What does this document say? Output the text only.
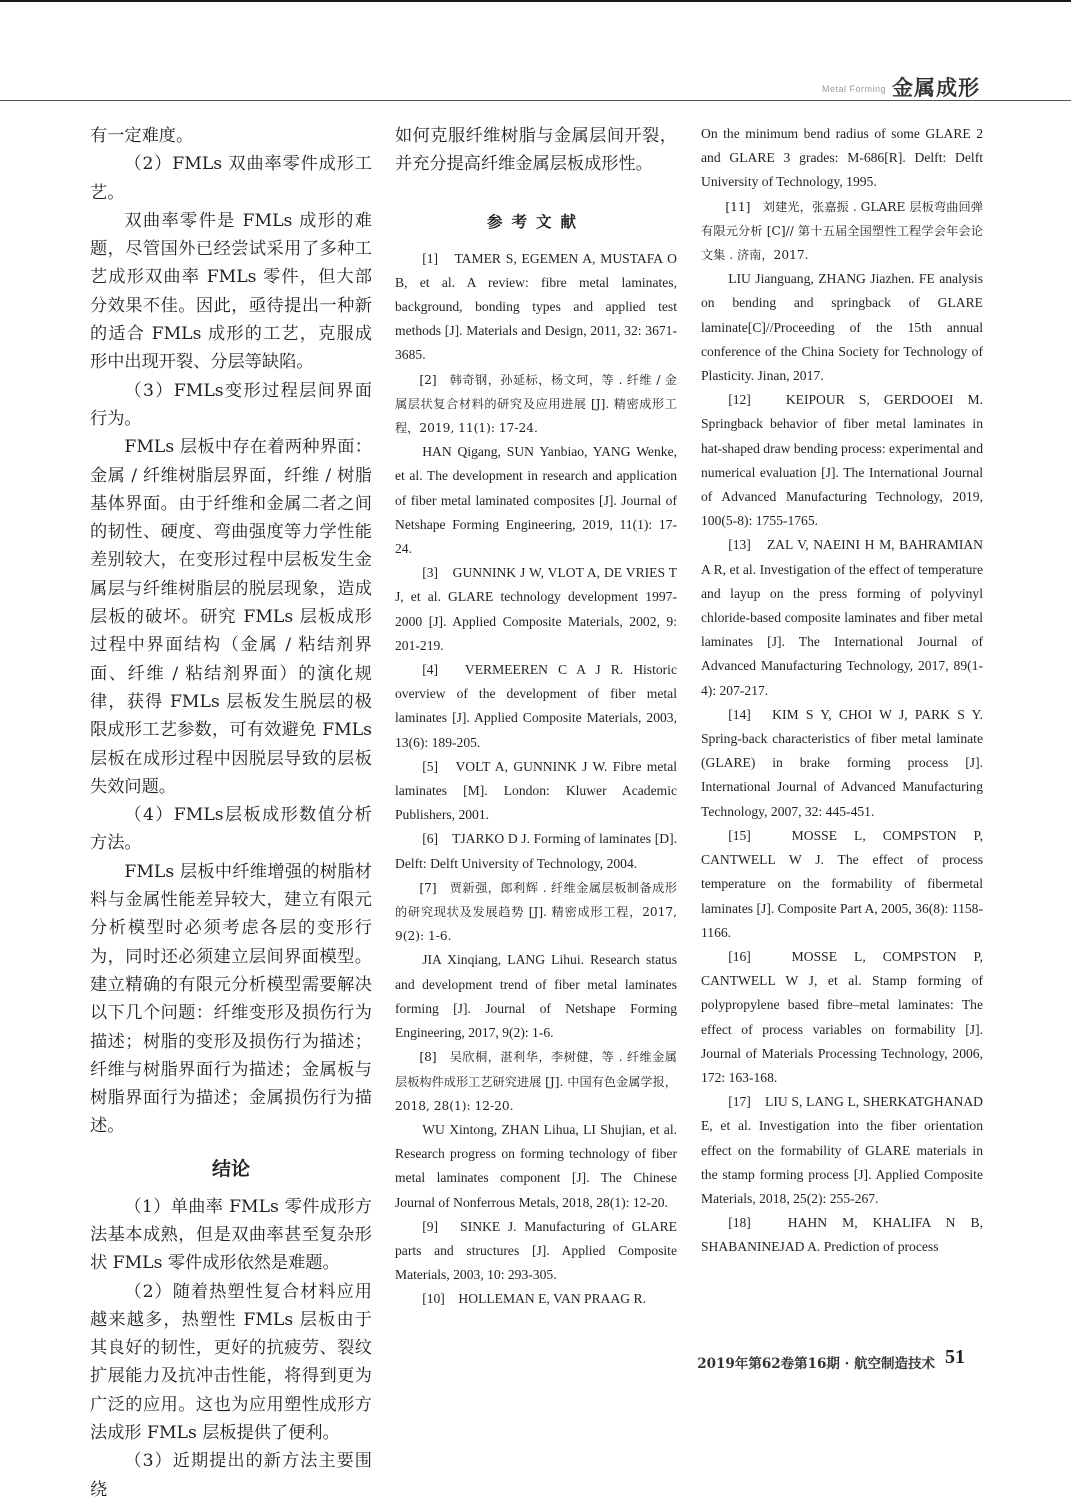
Metal Forming 金属成形

有一定难度。

（2）FMLs 双曲率零件成形工艺。

双曲率零件是 FMLs 成形的难题，尽管国外已经尝试采用了多种工艺成形双曲率 FMLs 零件，但大部分效果不佳。因此，亟待提出一种新的适合 FMLs 成形的工艺，克服成形中出现开裂、分层等缺陷。

（3）FMLs变形过程层间界面行为。

FMLs 层板中存在着两种界面：金属 / 纤维树脂层界面，纤维 / 树脂基体界面。由于纤维和金属二者之间的韧性、硬度、弯曲强度等力学性能差别较大，在变形过程中层板发生金属层与纤维树脂层的脱层现象，造成层板的破坏。研究 FMLs 层板成形过程中界面结构（金属 / 粘结剂界面、纤维 / 粘结剂界面）的演化规律，获得 FMLs 层板发生脱层的极限成形工艺参数，可有效避免 FMLs 层板在成形过程中因脱层导致的层板失效问题。

（4）FMLs层板成形数值分析方法。

FMLs 层板中纤维增强的树脂材料与金属性能差异较大，建立有限元分析模型时必须考虑各层的变形行为，同时还必须建立层间界面模型。建立精确的有限元分析模型需要解决以下几个问题：纤维变形及损伤行为描述；树脂的变形及损伤行为描述；纤维与树脂界面行为描述；金属板与树脂界面行为描述；金属损伤行为描述。

结论

（1）单曲率 FMLs 零件成形方法基本成熟，但是双曲率甚至复杂形状 FMLs 零件成形依然是难题。

（2）随着热塑性复合材料应用越来越多，热塑性 FMLs 层板由于其良好的韧性，更好的抗疲劳、裂纹扩展能力及抗冲击性能，将得到更为广泛的应用。这也为应用塑性成形方法成形 FMLs 层板提供了便利。

（3）近期提出的新方法主要围绕

如何克服纤维树脂与金属层间开裂，并充分提高纤维金属层板成形性。

参考文献

[1]　TAMER S, EGEMEN A, MUSTAFA O B, et al. A review: fibre metal laminates, background, bonding types and applied test methods [J]. Materials and Design, 2011, 32: 3671-3685.

[2]　韩奇钢，孙延标，杨文珂，等 . 纤维 / 金属层状复合材料的研究及应用进展 [J]. 精密成形工程，2019, 11(1): 17-24.

HAN Qigang, SUN Yanbiao, YANG Wenke, et al. The development in research and application of fiber metal laminated composites [J]. Journal of Netshape Forming Engineering, 2019, 11(1): 17-24.

[3]　GUNNINK J W, VLOT A, DE VRIES T J, et al. GLARE technology development 1997-2000 [J]. Applied Composite Materials, 2002, 9: 201-219.

[4]　VERMEEREN C A J R. Historic overview of the development of fiber metal laminates [J]. Applied Composite Materials, 2003, 13(6): 189-205.

[5]　VOLT A, GUNNINK J W. Fibre metal laminates [M]. London: Kluwer Academic Publishers, 2001.

[6]　TJARKO D J. Forming of laminates [D]. Delft: Delft University of Technology, 2004.

[7]　贾新强，郎利辉 . 纤维金属层板制备成形的研究现状及发展趋势 [J]. 精密成形工程，2017, 9(2): 1-6.

JIA Xinqiang, LANG Lihui. Research status and development trend of fiber metal laminates forming [J]. Journal of Netshape Forming Engineering, 2017, 9(2): 1-6.

[8]　吴欣桐，湛利华，李树健，等 . 纤维金属层板构件成形工艺研究进展 [J]. 中国有色金属学报，2018, 28(1): 12-20.

WU Xintong, ZHAN Lihua, LI Shujian, et al. Research progress on forming technology of fiber metal laminates component [J]. The Chinese Journal of Nonferrous Metals, 2018, 28(1): 12-20.

[9]　SINKE J. Manufacturing of GLARE parts and structures [J]. Applied Composite Materials, 2003, 10: 293-305.

[10]　HOLLEMAN E, VAN PRAAG R.

On the minimum bend radius of some GLARE 2 and GLARE 3 grades: M-686[R]. Delft: Delft University of Technology, 1995.

[11]　刘建光，张嘉振 . GLARE 层板弯曲回弹有限元分析 [C]// 第十五届全国塑性工程学会年会论文集 . 济南，2017.

LIU Jianguang, ZHANG Jiazhen. FE analysis on bending and springback of GLARE laminate[C]//Proceeding of the 15th annual conference of the China Society for Technology of Plasticity. Jinan, 2017.

[12]　KEIPOUR S, GERDOOEI M. Springback behavior of fiber metal laminates in hat-shaped draw bending process: experimental and numerical evaluation [J]. The International Journal of Advanced Manufacturing Technology, 2019, 100(5-8): 1755-1765.

[13]　ZAL V, NAEINI H M, BAHRAMIAN A R, et al. Investigation of the effect of temperature and layup on the press forming of polyvinyl chloride-based composite laminates and fiber metal laminates [J]. The International Journal of Advanced Manufacturing Technology, 2017, 89(1-4): 207-217.

[14]　KIM S Y, CHOI W J, PARK S Y. Spring-back characteristics of fiber metal laminate (GLARE) in brake forming process [J]. International Journal of Advanced Manufacturing Technology, 2007, 32: 445-451.

[15]　MOSSE L, COMPSTON P, CANTWELL W J. The effect of process temperature on the formability of fibermetal laminates [J]. Composite Part A, 2005, 36(8): 1158-1166.

[16]　MOSSE L, COMPSTON P, CANTWELL W J, et al. Stamp forming of polypropylene based fibre–metal laminates: The effect of process variables on formability [J]. Journal of Materials Processing Technology, 2006, 172: 163-168.

[17]　LIU S, LANG L, SHERKATGHANAD E, et al. Investigation into the fiber orientation effect on the formability of GLARE materials in the stamp forming process [J]. Applied Composite Materials, 2018, 25(2): 255-267.

[18]　HAHN M, KHALIFA N B, SHABANINEJAD A. Prediction of process

2019年第62卷第16期 · 航空制造技术 51
